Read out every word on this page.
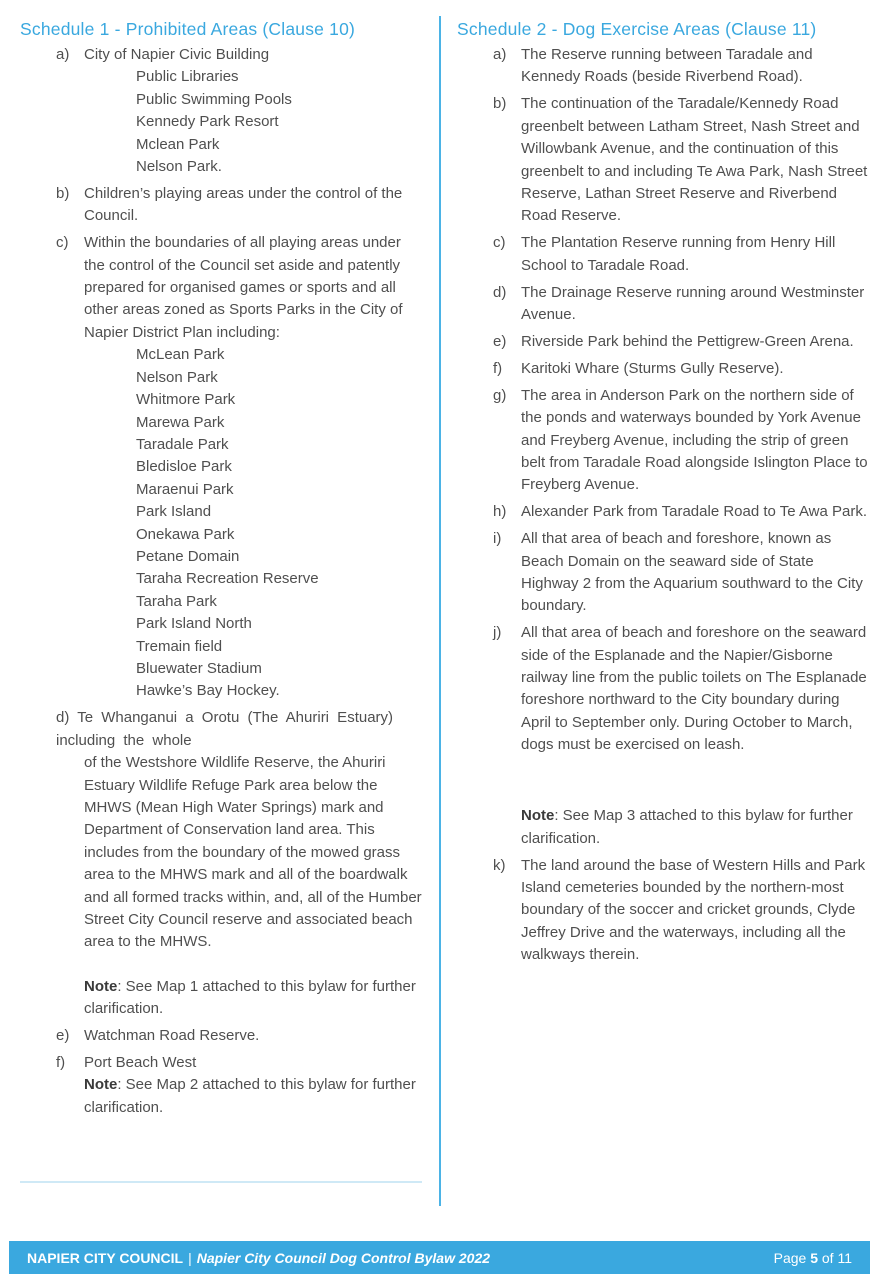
Schedule 1 - Prohibited Areas (Clause 10)
a) City of Napier Civic Building
Public Libraries
Public Swimming Pools
Kennedy Park Resort
Mclean Park
Nelson Park.
b) Children’s playing areas under the control of the Council.
c) Within the boundaries of all playing areas under the control of the Council set aside and patently prepared for organised games or sports and all other areas zoned as Sports Parks in the City of Napier District Plan including:
McLean Park
Nelson Park
Whitmore Park
Marewa Park
Taradale Park
Bledisloe Park
Maraenui Park
Park Island
Onekawa Park
Petane Domain
Taraha Recreation Reserve
Taraha Park
Park Island North
Tremain field
Bluewater Stadium
Hawke’s Bay Hockey.
d) Te Whanganui a Orotu (The Ahuriri Estuary) including the whole
of the Westshore Wildlife Reserve, the Ahuriri Estuary Wildlife Refuge Park area below the MHWS (Mean High Water Springs) mark and Department of Conservation land area. This includes from the boundary of the mowed grass area to the MHWS mark and all of the boardwalk and all formed tracks within, and, all of the Humber Street City Council reserve and associated beach area to the MHWS.
Note: See Map 1 attached to this bylaw for further clarification.
e) Watchman Road Reserve.
f) Port Beach West
Note: See Map 2 attached to this bylaw for further clarification.
Schedule 2 - Dog Exercise Areas (Clause 11)
a) The Reserve running between Taradale and Kennedy Roads (beside Riverbend Road).
b) The continuation of the Taradale/Kennedy Road greenbelt between Latham Street, Nash Street and Willowbank Avenue, and the continuation of this greenbelt to and including Te Awa Park, Nash Street Reserve, Lathan Street Reserve and Riverbend Road Reserve.
c) The Plantation Reserve running from Henry Hill School to Taradale Road.
d) The Drainage Reserve running around Westminster Avenue.
e) Riverside Park behind the Pettigrew-Green Arena.
f) Karitoki Whare (Sturms Gully Reserve).
g) The area in Anderson Park on the northern side of the ponds and waterways bounded by York Avenue and Freyberg Avenue, including the strip of green belt from Taradale Road alongside Islington Place to Freyberg Avenue.
h) Alexander Park from Taradale Road to Te Awa Park.
i) All that area of beach and foreshore, known as Beach Domain on the seaward side of State Highway 2 from the Aquarium southward to the City boundary.
j) All that area of beach and foreshore on the seaward side of the Esplanade and the Napier/Gisborne railway line from the public toilets on The Esplanade foreshore northward to the City boundary during April to September only. During October to March, dogs must be exercised on leash.
Note: See Map 3 attached to this bylaw for further clarification.
k) The land around the base of Western Hills and Park Island cemeteries bounded by the northern-most boundary of the soccer and cricket grounds, Clyde Jeffrey Drive and the waterways, including all the walkways therein.
NAPIER CITY COUNCIL | Napier City Council Dog Control Bylaw 2022	Page 5 of 11
